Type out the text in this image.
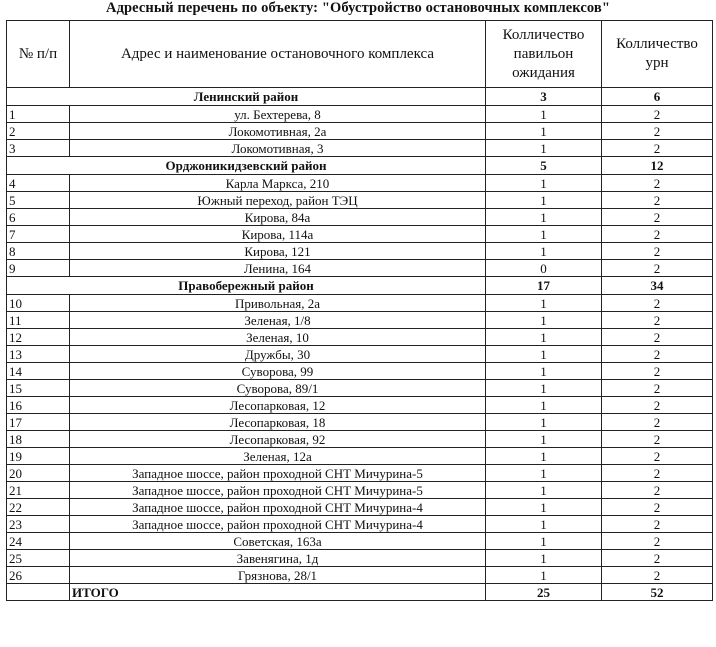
Адресный перечень по объекту: "Обустройство остановочных комплексов"
№ п/п	Адрес и наименование остановочного комплекса	Колличество павильон ожидания	Колличество урн
Ленинский район		3	6
1	ул. Бехтерева, 8	1	2
2	Локомотивная, 2а	1	2
3	Локомотивная, 3	1	2
Орджоникидзевский район		5	12
4	Карла Маркса, 210	1	2
5	Южный переход, район ТЭЦ	1	2
6	Кирова, 84а	1	2
7	Кирова, 114а	1	2
8	Кирова, 121	1	2
9	Ленина, 164	0	2
Правобережный район		17	34
10	Привольная, 2а	1	2
11	Зеленая, 1/8	1	2
12	Зеленая, 10	1	2
13	Дружбы, 30	1	2
14	Суворова, 99	1	2
15	Суворова, 89/1	1	2
16	Лесопарковая, 12	1	2
17	Лесопарковая, 18	1	2
18	Лесопарковая, 92	1	2
19	Зеленая, 12а	1	2
20	Западное шоссе, район проходной СНТ Мичурина-5	1	2
21	Западное шоссе, район проходной СНТ Мичурина-5	1	2
22	Западное шоссе, район проходной СНТ Мичурина-4	1	2
23	Западное шоссе, район проходной СНТ Мичурина-4	1	2
24	Советская, 163а	1	2
25	Завенягина, 1д	1	2
26	Грязнова, 28/1	1	2
	ИТОГО	25	52
